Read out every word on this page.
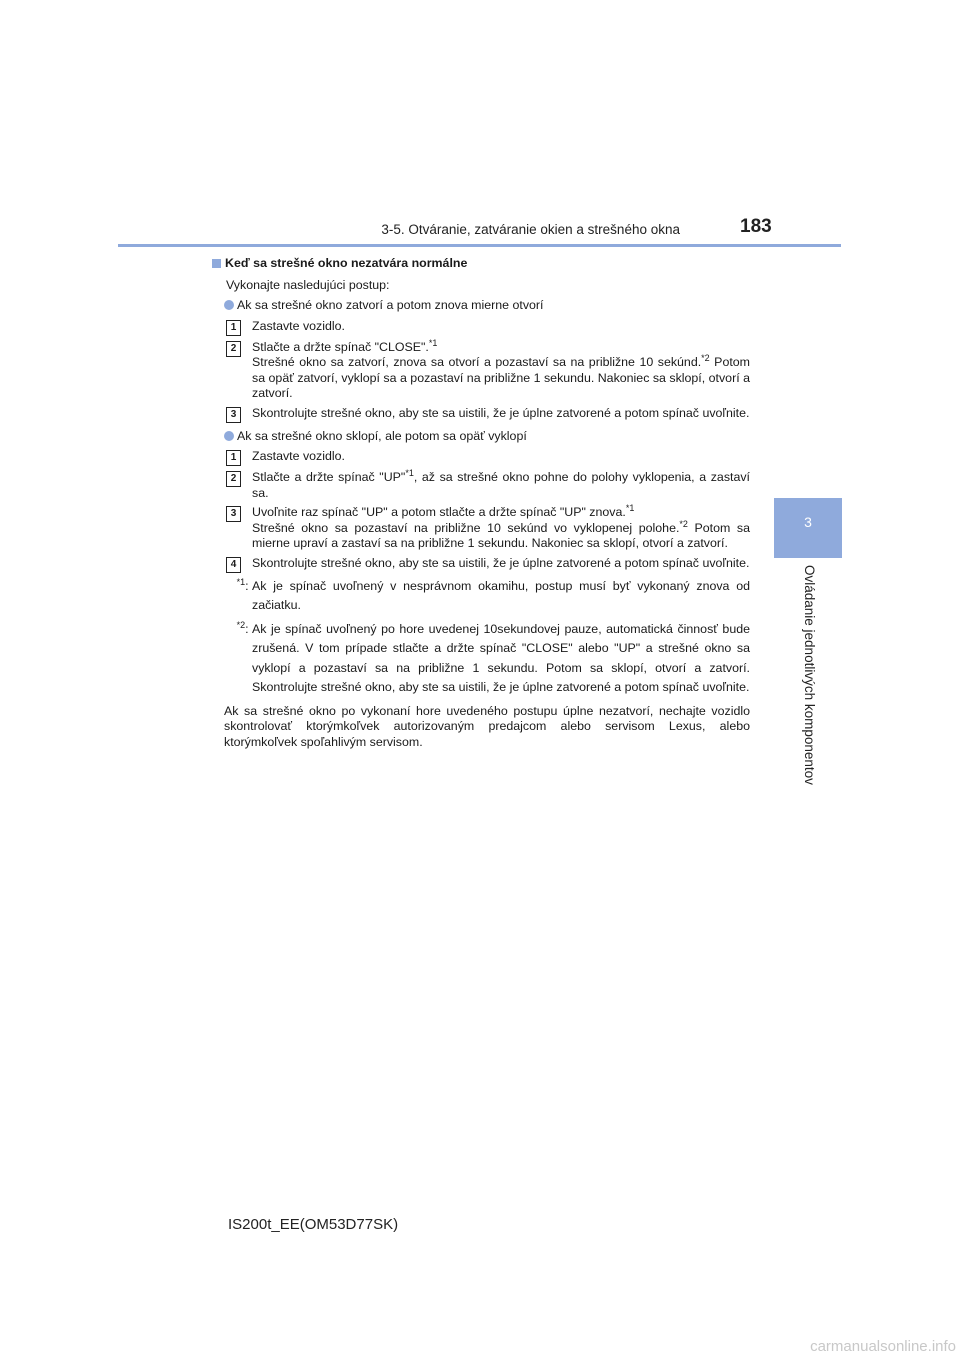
3-5. Otváranie, zatváranie okien a strešného okna	183
3
Ovládanie jednotlivých komponentov
Keď sa strešné okno nezatvára normálne
Vykonajte nasledujúci postup:
Ak sa strešné okno zatvorí a potom znova mierne otvorí
1	Zastavte vozidlo.
2	Stlačte a držte spínač "CLOSE".$^{*1}$
Strešné okno sa zatvorí, znova sa otvorí a pozastaví sa na približne 10 sekúnd.$^{*2}$ Potom sa opäť zatvorí, vyklopí sa a pozastaví na približne 1 sekundu. Nakoniec sa sklopí, otvorí a zatvorí.
3	Skontrolujte strešné okno, aby ste sa uistili, že je úplne zatvorené a potom spínač uvoľnite.
Ak sa strešné okno sklopí, ale potom sa opäť vyklopí
1	Zastavte vozidlo.
2	Stlačte a držte spínač "UP"$^{*1}$, až sa strešné okno pohne do polohy vyklopenia, a zastaví sa.
3	Uvoľnite raz spínač "UP" a potom stlačte a držte spínač "UP" znova.$^{*1}$
Strešné okno sa pozastaví na približne 10 sekúnd vo vyklopenej polohe.$^{*2}$ Potom sa mierne upraví a zastaví sa na približne 1 sekundu. Nakoniec sa sklopí, otvorí a zatvorí.
4	Skontrolujte strešné okno, aby ste sa uistili, že je úplne zatvorené a potom spínač uvoľnite.
$^{*1}$: Ak je spínač uvoľnený v nesprávnom okamihu, postup musí byť vykonaný znova od začiatku.
$^{*2}$: Ak je spínač uvoľnený po hore uvedenej 10sekundovej pauze, automatická činnosť bude zrušená. V tom prípade stlačte a držte spínač "CLOSE" alebo "UP" a strešné okno sa vyklopí a pozastaví sa na približne 1 sekundu. Potom sa sklopí, otvorí a zatvorí. Skontrolujte strešné okno, aby ste sa uistili, že je úplne zatvorené a potom spínač uvoľnite.
Ak sa strešné okno po vykonaní hore uvedeného postupu úplne nezatvorí, nechajte vozidlo skontrolovať ktorýmkoľvek autorizovaným predajcom alebo servisom Lexus, alebo ktorýmkoľvek spoľahlivým servisom.
IS200t_EE(OM53D77SK)
carmanualsonline.info
